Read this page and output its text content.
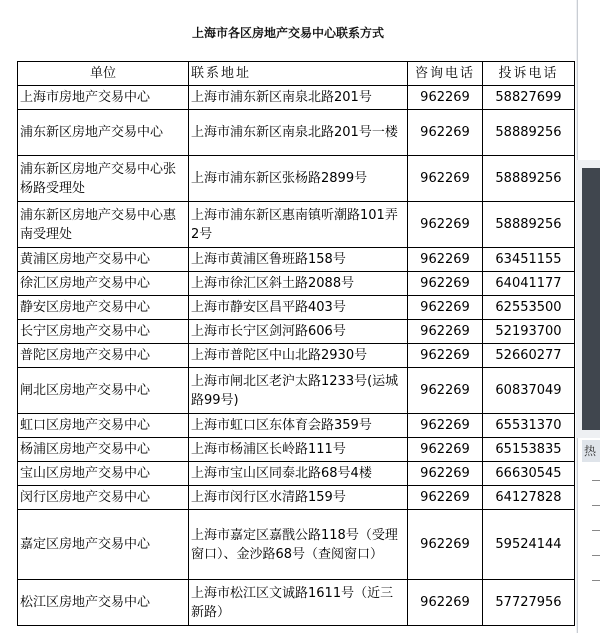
上海市各区房地产交易中心联系方式
单位	联系地址	咨询电话	投诉电话
上海市房地产交易中心	上海市浦东新区南泉北路201号	962269	58827699
浦东新区房地产交易中心	上海市浦东新区南泉北路201号一楼	962269	58889256
浦东新区房地产交易中心张杨路受理处	上海市浦东新区张杨路2899号	962269	58889256
浦东新区房地产交易中心惠南受理处	上海市浦东新区惠南镇听潮路101弄2号	962269	58889256
黄浦区房地产交易中心	上海市黄浦区鲁班路158号	962269	63451155
徐汇区房地产交易中心	上海市徐汇区斜土路2088号	962269	64041177
静安区房地产交易中心	上海市静安区昌平路403号	962269	62553500
长宁区房地产交易中心	上海市长宁区剑河路606号	962269	52193700
普陀区房地产交易中心	上海市普陀区中山北路2930号	962269	52660277
闸北区房地产交易中心	上海市闸北区老沪太路1233号(运城路99号)	962269	60837049
虹口区房地产交易中心	上海市虹口区东体育会路359号	962269	65531370
杨浦区房地产交易中心	上海市杨浦区长岭路111号	962269	65153835
宝山区房地产交易中心	上海市宝山区同泰北路68号4楼	962269	66630545
闵行区房地产交易中心	上海市闵行区水清路159号	962269	64127828
嘉定区房地产交易中心	上海市嘉定区嘉戬公路118号（受理窗口）、金沙路68号（查阅窗口）	962269	59524144
松江区房地产交易中心	上海市松江区文诚路1611号（近三新路）	962269	57727956
热
